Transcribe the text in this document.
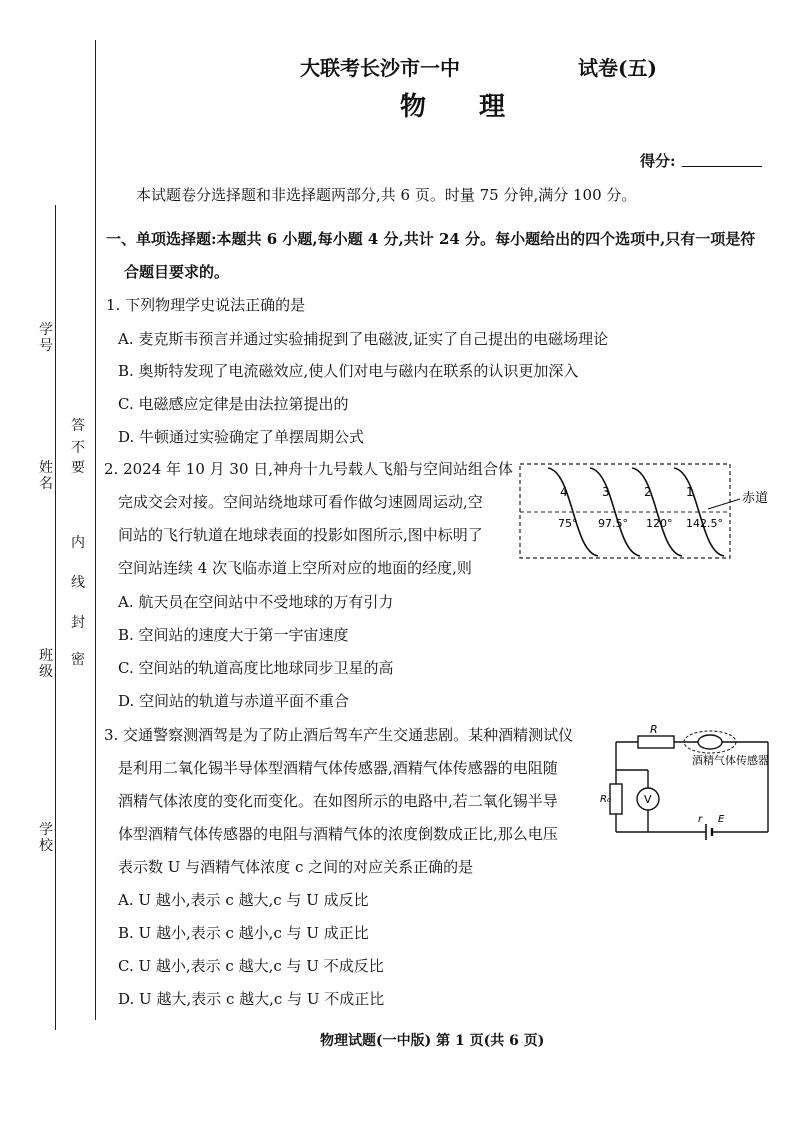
学 号
姓 名
班 级
学 校
不
要
答
内
线
封
密
大联考长沙市一中	试卷(五)
物 理
得分:
本试题卷分选择题和非选择题两部分,共 6 页。时量 75 分钟,满分 100 分。
一、单项选择题:本题共 6 小题,每小题 4 分,共计 24 分。每小题给出的四个选项中,只有一项是符
合题目要求的。
1. 下列物理学史说法正确的是
A. 麦克斯韦预言并通过实验捕捉到了电磁波,证实了自己提出的电磁场理论
B. 奥斯特发现了电流磁效应,使人们对电与磁内在联系的认识更加深入
C. 电磁感应定律是由法拉第提出的
D. 牛顿通过实验确定了单摆周期公式
2. 2024 年 10 月 30 日,神舟十九号载人飞船与空间站组合体
完成交会对接。空间站绕地球可看作做匀速圆周运动,空
间站的飞行轨道在地球表面的投影如图所示,图中标明了
空间站连续 4 次飞临赤道上空所对应的地面的经度,则
A. 航天员在空间站中不受地球的万有引力
B. 空间站的速度大于第一宇宙速度
C. 空间站的轨道高度比地球同步卫星的高
D. 空间站的轨道与赤道平面不重合
4	3	2	1
75° 97.5° 120° 142.5°
赤道
3. 交通警察测酒驾是为了防止酒后驾车产生交通悲剧。某种酒精测试仪
是利用二氧化锡半导体型酒精气体传感器,酒精气体传感器的电阻随
酒精气体浓度的变化而变化。在如图所示的电路中,若二氧化锡半导
体型酒精气体传感器的电阻与酒精气体的浓度倒数成正比,那么电压
表示数 U 与酒精气体浓度 c 之间的对应关系正确的是
A. U 越小,表示 c 越大,c 与 U 成反比
B. U 越小,表示 c 越小,c 与 U 成正比
C. U 越小,表示 c 越大,c 与 U 不成反比
D. U 越大,表示 c 越大,c 与 U 不成正比
R
酒精气体传感器
R₀	V
r E
物理试题(一中版) 第 1 页(共 6 页)
